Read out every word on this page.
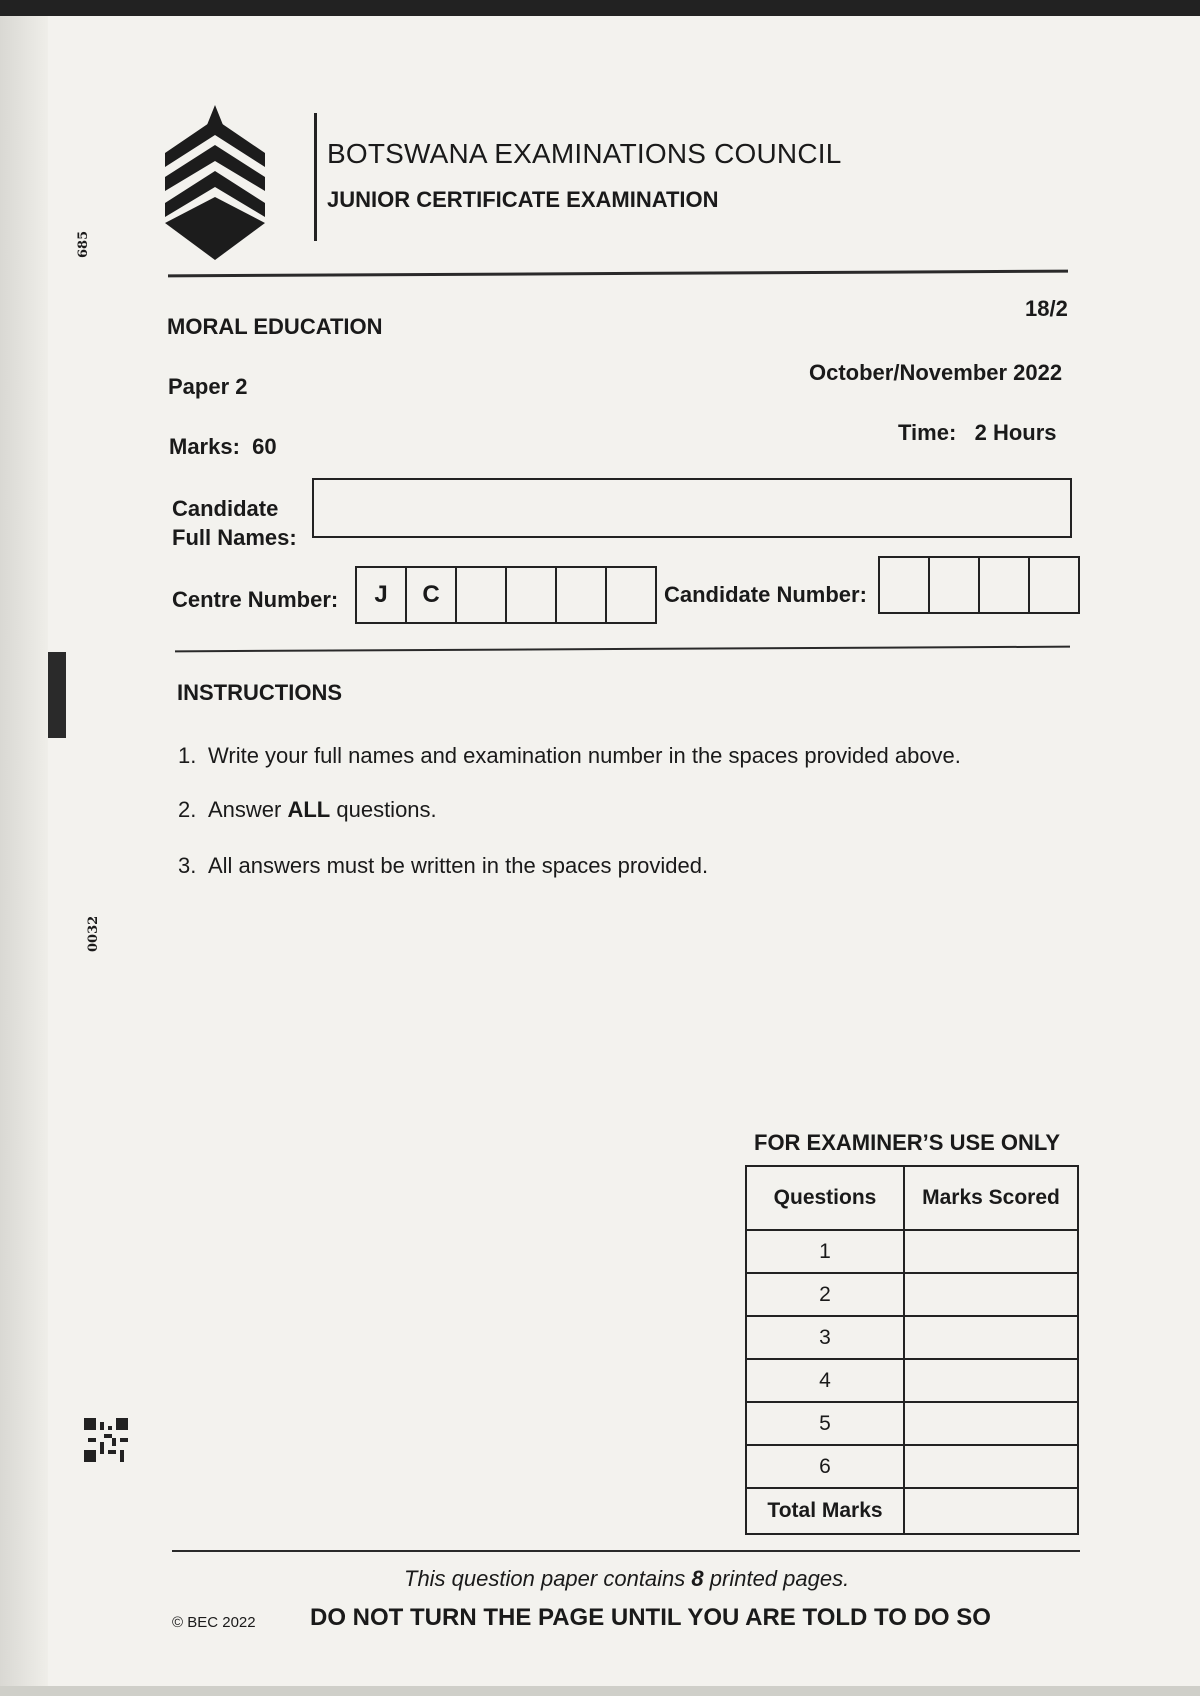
685
0032
BOTSWANA EXAMINATIONS COUNCIL
JUNIOR CERTIFICATE EXAMINATION
MORAL EDUCATION
18/2
Paper 2
October/November 2022
Marks: 60
Time: 2 Hours
Candidate
Full Names:
Centre Number:	J	C	Candidate Number:
INSTRUCTIONS
1. Write your full names and examination number in the spaces provided above.
2. Answer ALL questions.
3. All answers must be written in the spaces provided.
FOR EXAMINER’S USE ONLY
Questions	Marks Scored
1	
2	
3	
4	
5	
6	
Total Marks	
This question paper contains 8 printed pages.
© BEC 2022 DO NOT TURN THE PAGE UNTIL YOU ARE TOLD TO DO SO
